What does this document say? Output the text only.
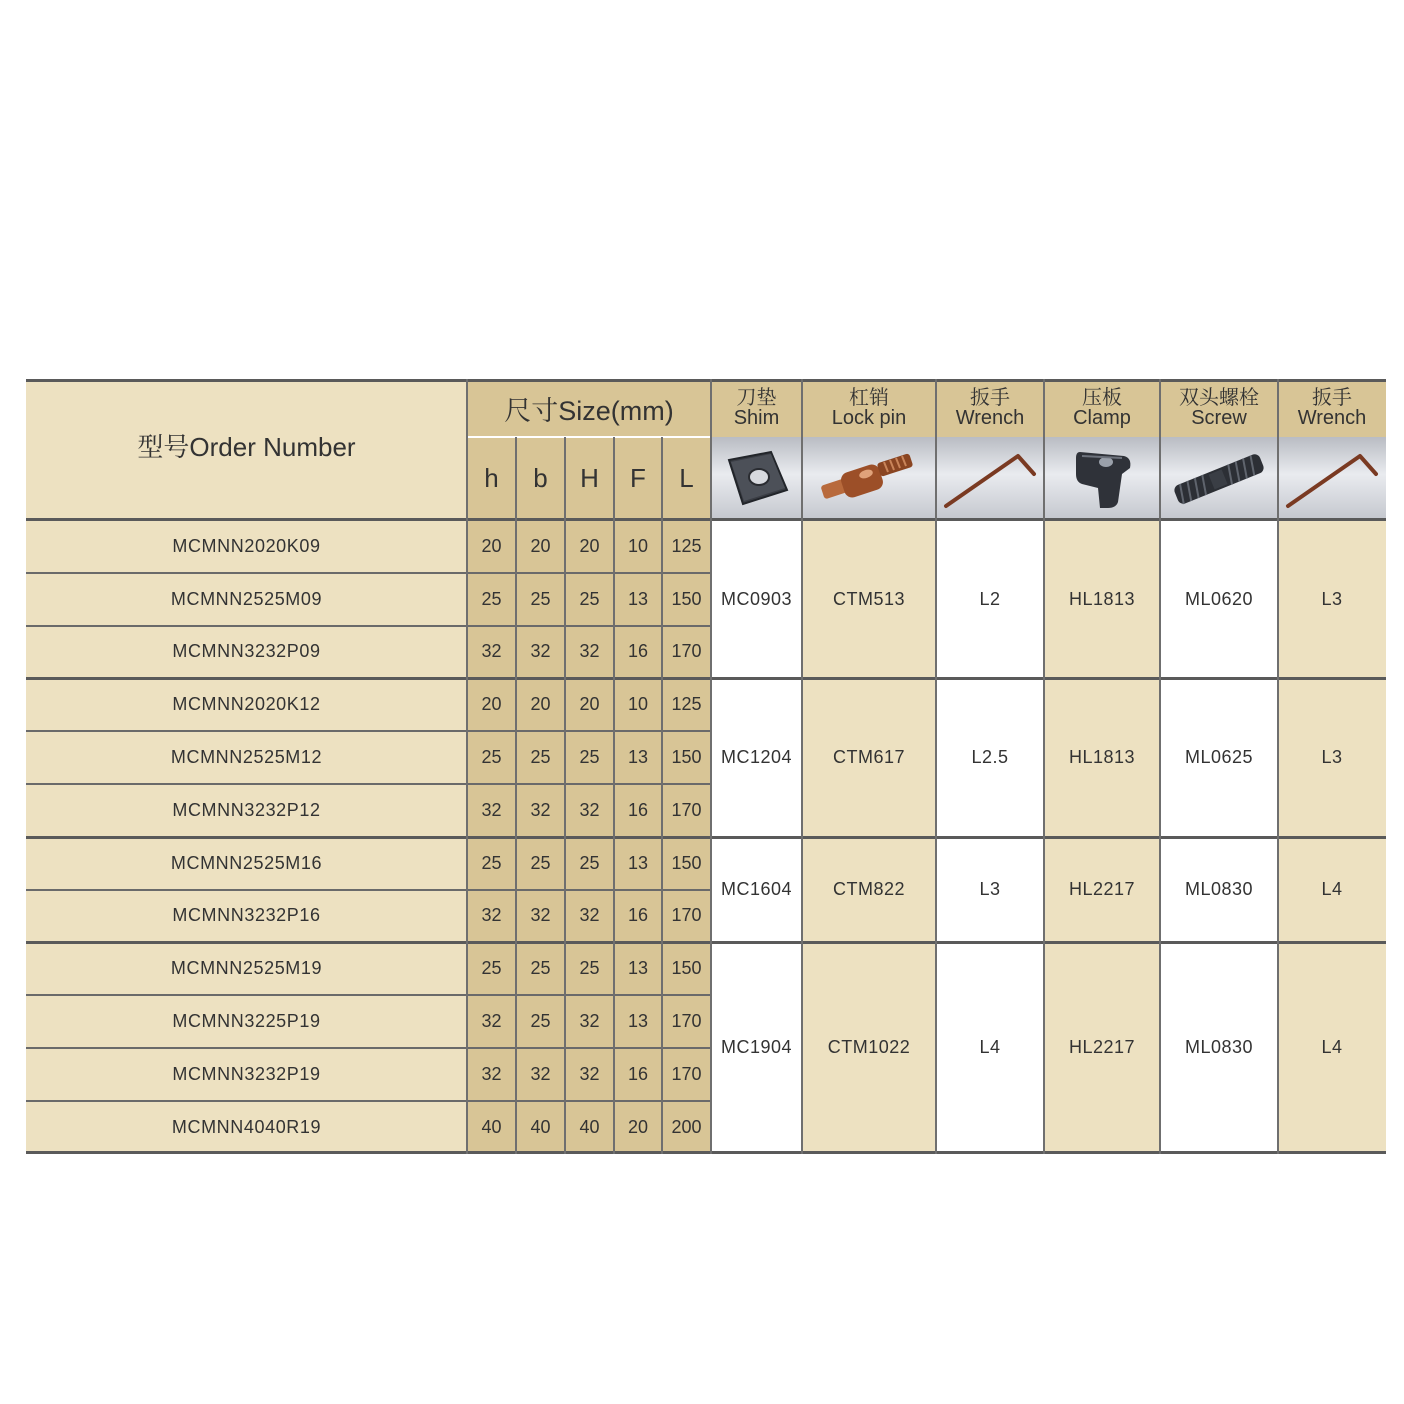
型号Order Number
尺寸Size(mm)
h b H F L
刀垫
Shim
杠销
Lock pin
扳手
Wrench
压板
Clamp
双头螺栓
Screw
扳手
Wrench
MCMNN2020K09	20	20	20	10	125
MCMNN2525M09	25	25	25	13	150
MCMNN3232P09	32	32	32	16	170
MCMNN2020K12	20	20	20	10	125
MCMNN2525M12	25	25	25	13	150
MCMNN3232P12	32	32	32	16	170
MCMNN2525M16	25	25	25	13	150
MCMNN3232P16	32	32	32	16	170
MCMNN2525M19	25	25	25	13	150
MCMNN3225P19	32	25	32	13	170
MCMNN3232P19	32	32	32	16	170
MCMNN4040R19	40	40	40	20	200
MC0903	CTM513	L2	HL1813	ML0620	L3
MC1204	CTM617	L2.5	HL1813	ML0625	L3
MC1604	CTM822	L3	HL2217	ML0830	L4
MC1904	CTM1022	L4	HL2217	ML0830	L4
